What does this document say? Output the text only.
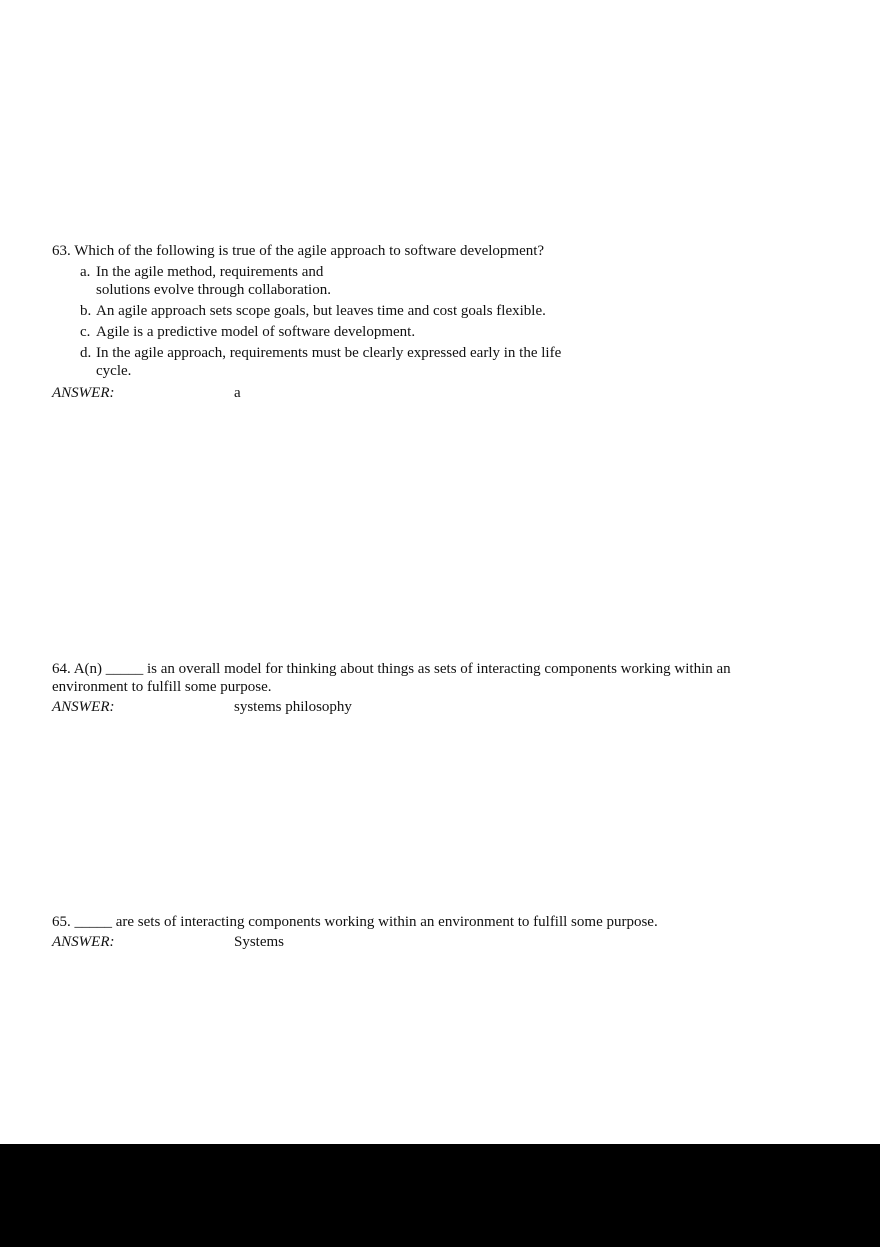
63. Which of the following is true of the agile approach to software development?

a. In the agile method, requirements and solutions evolve through collaboration.
b. An agile approach sets scope goals, but leaves time and cost goals flexible.
c. Agile is a predictive model of software development.
d. In the agile approach, requirements must be clearly expressed early in the life cycle.
ANSWER:	a

64. A(n) _____ is an overall model for thinking about things as sets of interacting components working within an environment to fulfill some purpose.

ANSWER:	systems philosophy

65. _____ are sets of interacting components working within an environment to fulfill some purpose.

ANSWER:	Systems
